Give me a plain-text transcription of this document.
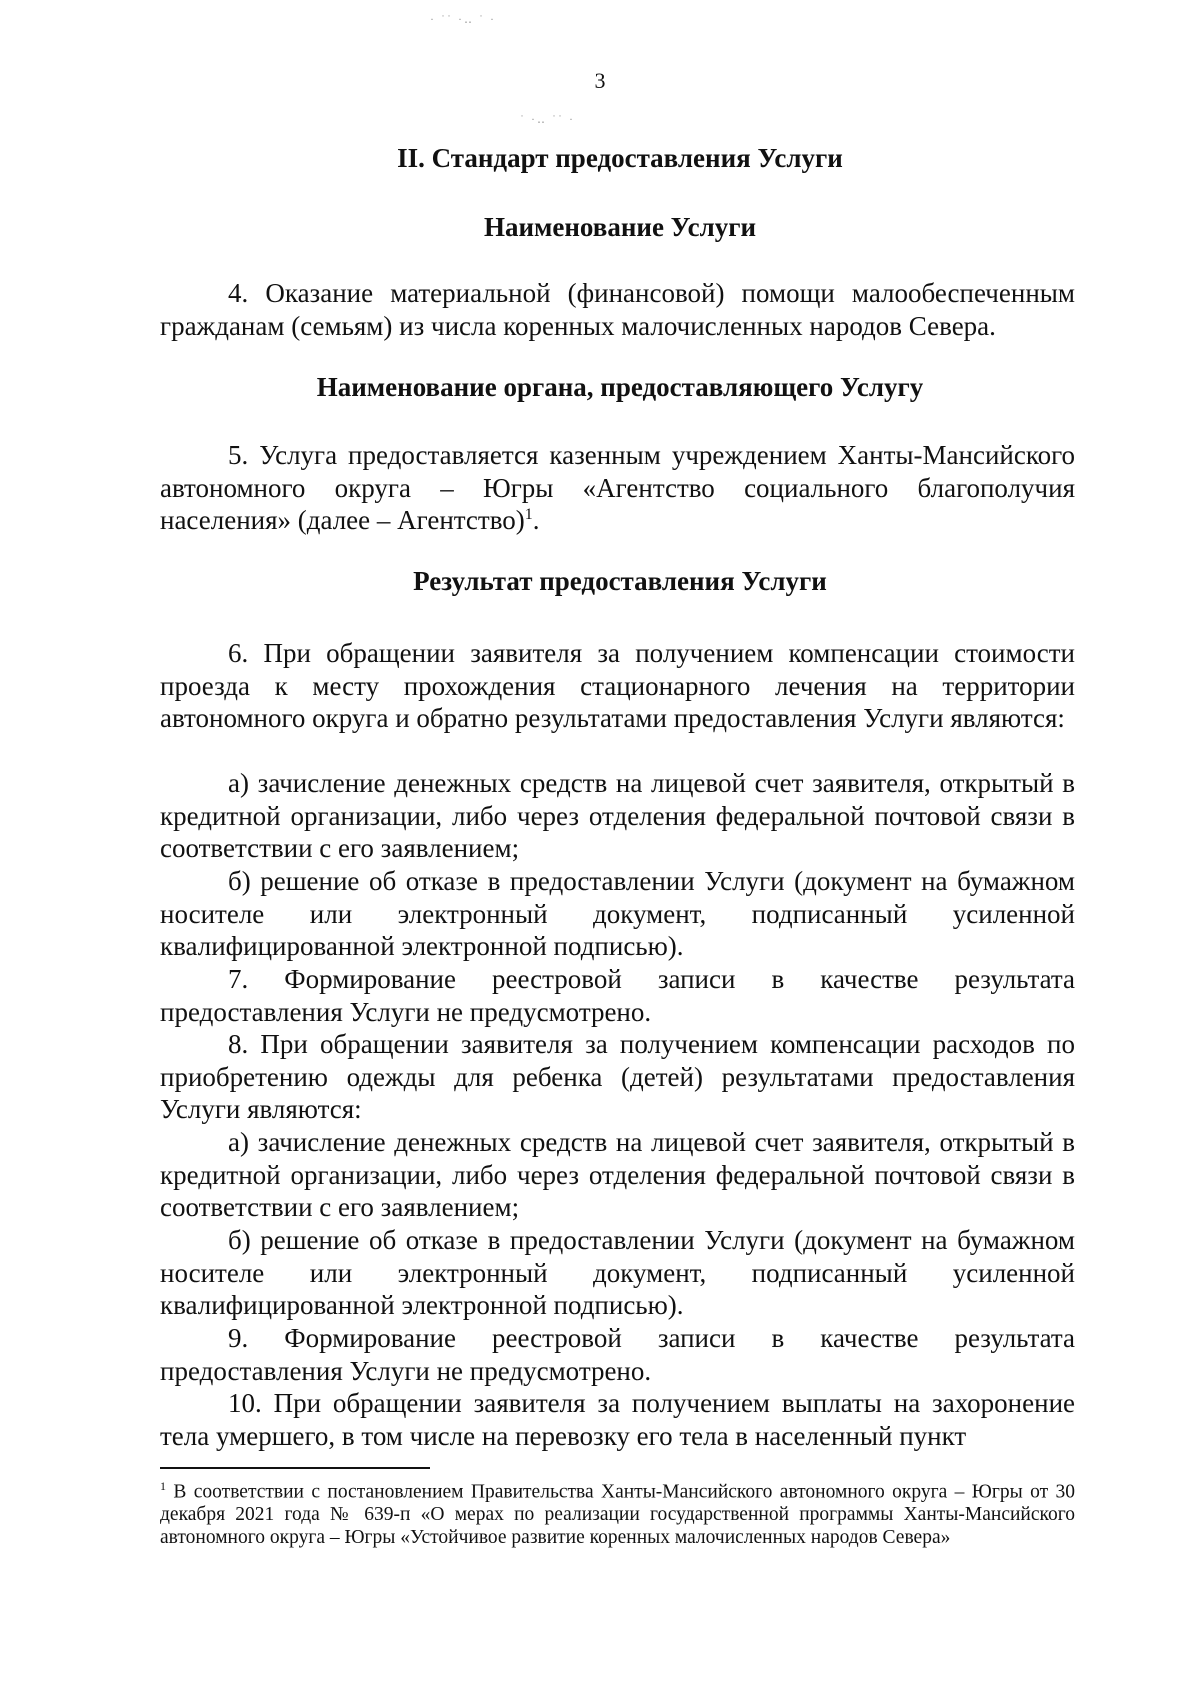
· ˙˙ ·‥ ˙ ·
˙ ·‥ ˙˙ ·
3
II. Стандарт предоставления Услуги
Наименование Услуги

4. Оказание материальной (финансовой) помощи малообеспеченным гражданам (семьям) из числа коренных малочисленных народов Севера.

Наименование органа, предоставляющего Услугу

5. Услуга предоставляется казенным учреждением Ханты-Мансийского автономного округа – Югры «Агентство социального благополучия населения» (далее – Агентство)$^1$.

Результат предоставления Услуги

6. При обращении заявителя за получением компенсации стоимости проезда к месту прохождения стационарного лечения на территории автономного округа и обратно результатами предоставления Услуги являются:

а) зачисление денежных средств на лицевой счет заявителя, открытый в кредитной организации, либо через отделения федеральной почтовой связи в соответствии с его заявлением;

б) решение об отказе в предоставлении Услуги (документ на бумажном носителе или электронный документ, подписанный усиленной квалифицированной электронной подписью).

7. Формирование реестровой записи в качестве результата предоставления Услуги не предусмотрено.

8. При обращении заявителя за получением компенсации расходов по приобретению одежды для ребенка (детей) результатами предоставления Услуги являются:

а) зачисление денежных средств на лицевой счет заявителя, открытый в кредитной организации, либо через отделения федеральной почтовой связи в соответствии с его заявлением;

б) решение об отказе в предоставлении Услуги (документ на бумажном носителе или электронный документ, подписанный усиленной квалифицированной электронной подписью).

9. Формирование реестровой записи в качестве результата предоставления Услуги не предусмотрено.

10. При обращении заявителя за получением выплаты на захоронение тела умершего, в том числе на перевозку его тела в населенный пункт

$^1$ В соответствии с постановлением Правительства Ханты-Мансийского автономного округа – Югры от 30 декабря 2021 года № 639-п «О мерах по реализации государственной программы Ханты-Мансийского автономного округа – Югры «Устойчивое развитие коренных малочисленных народов Севера»
